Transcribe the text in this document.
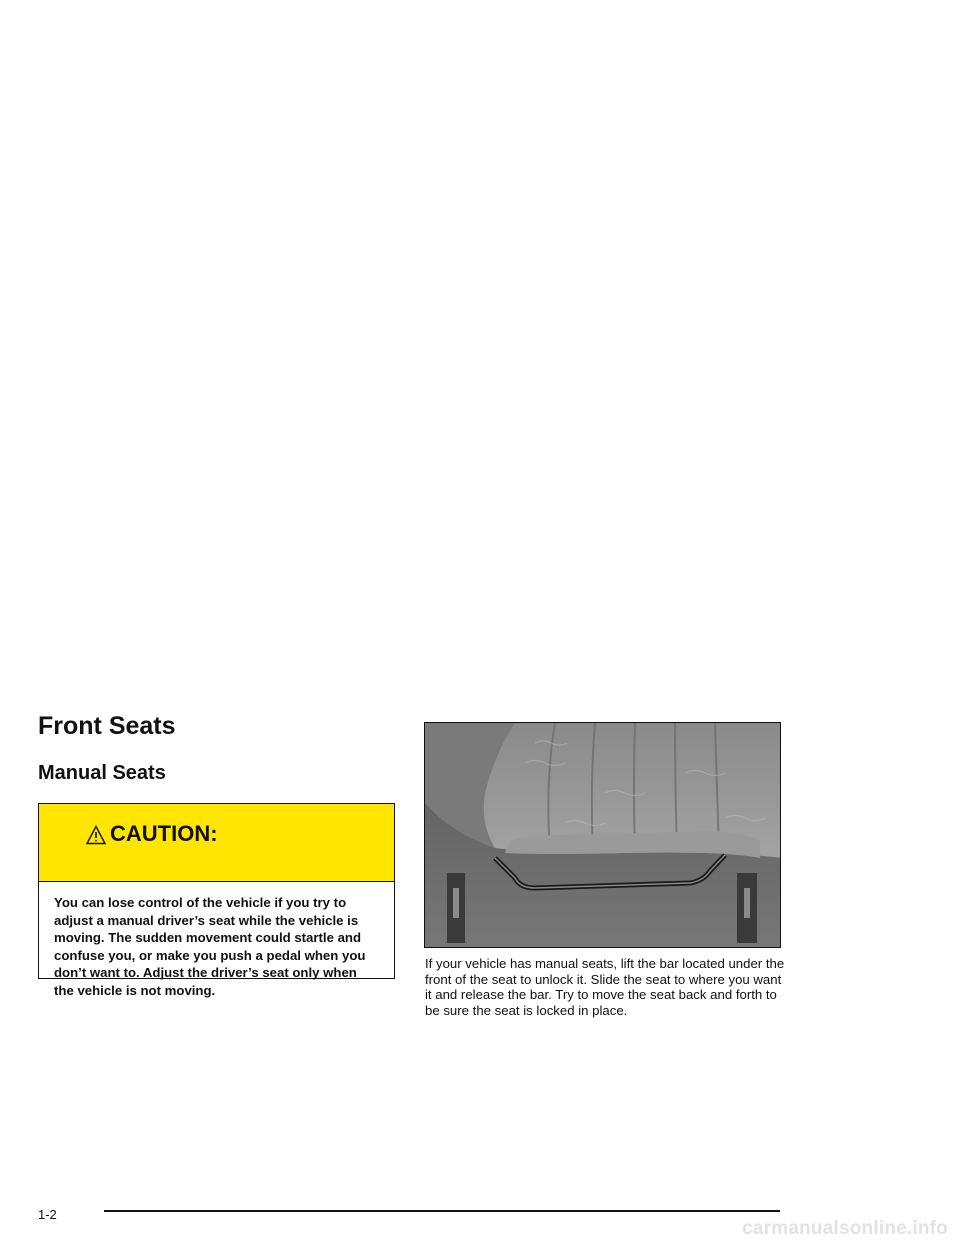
Front Seats
Manual Seats
CAUTION:
You can lose control of the vehicle if you try to adjust a manual driver’s seat while the vehicle is moving. The sudden movement could startle and confuse you, or make you push a pedal when you don’t want to. Adjust the driver’s seat only when the vehicle is not moving.

If your vehicle has manual seats, lift the bar located under the front of the seat to unlock it. Slide the seat to where you want it and release the bar. Try to move the seat back and forth to be sure the seat is locked in place.

1-2
carmanualsonline.info
